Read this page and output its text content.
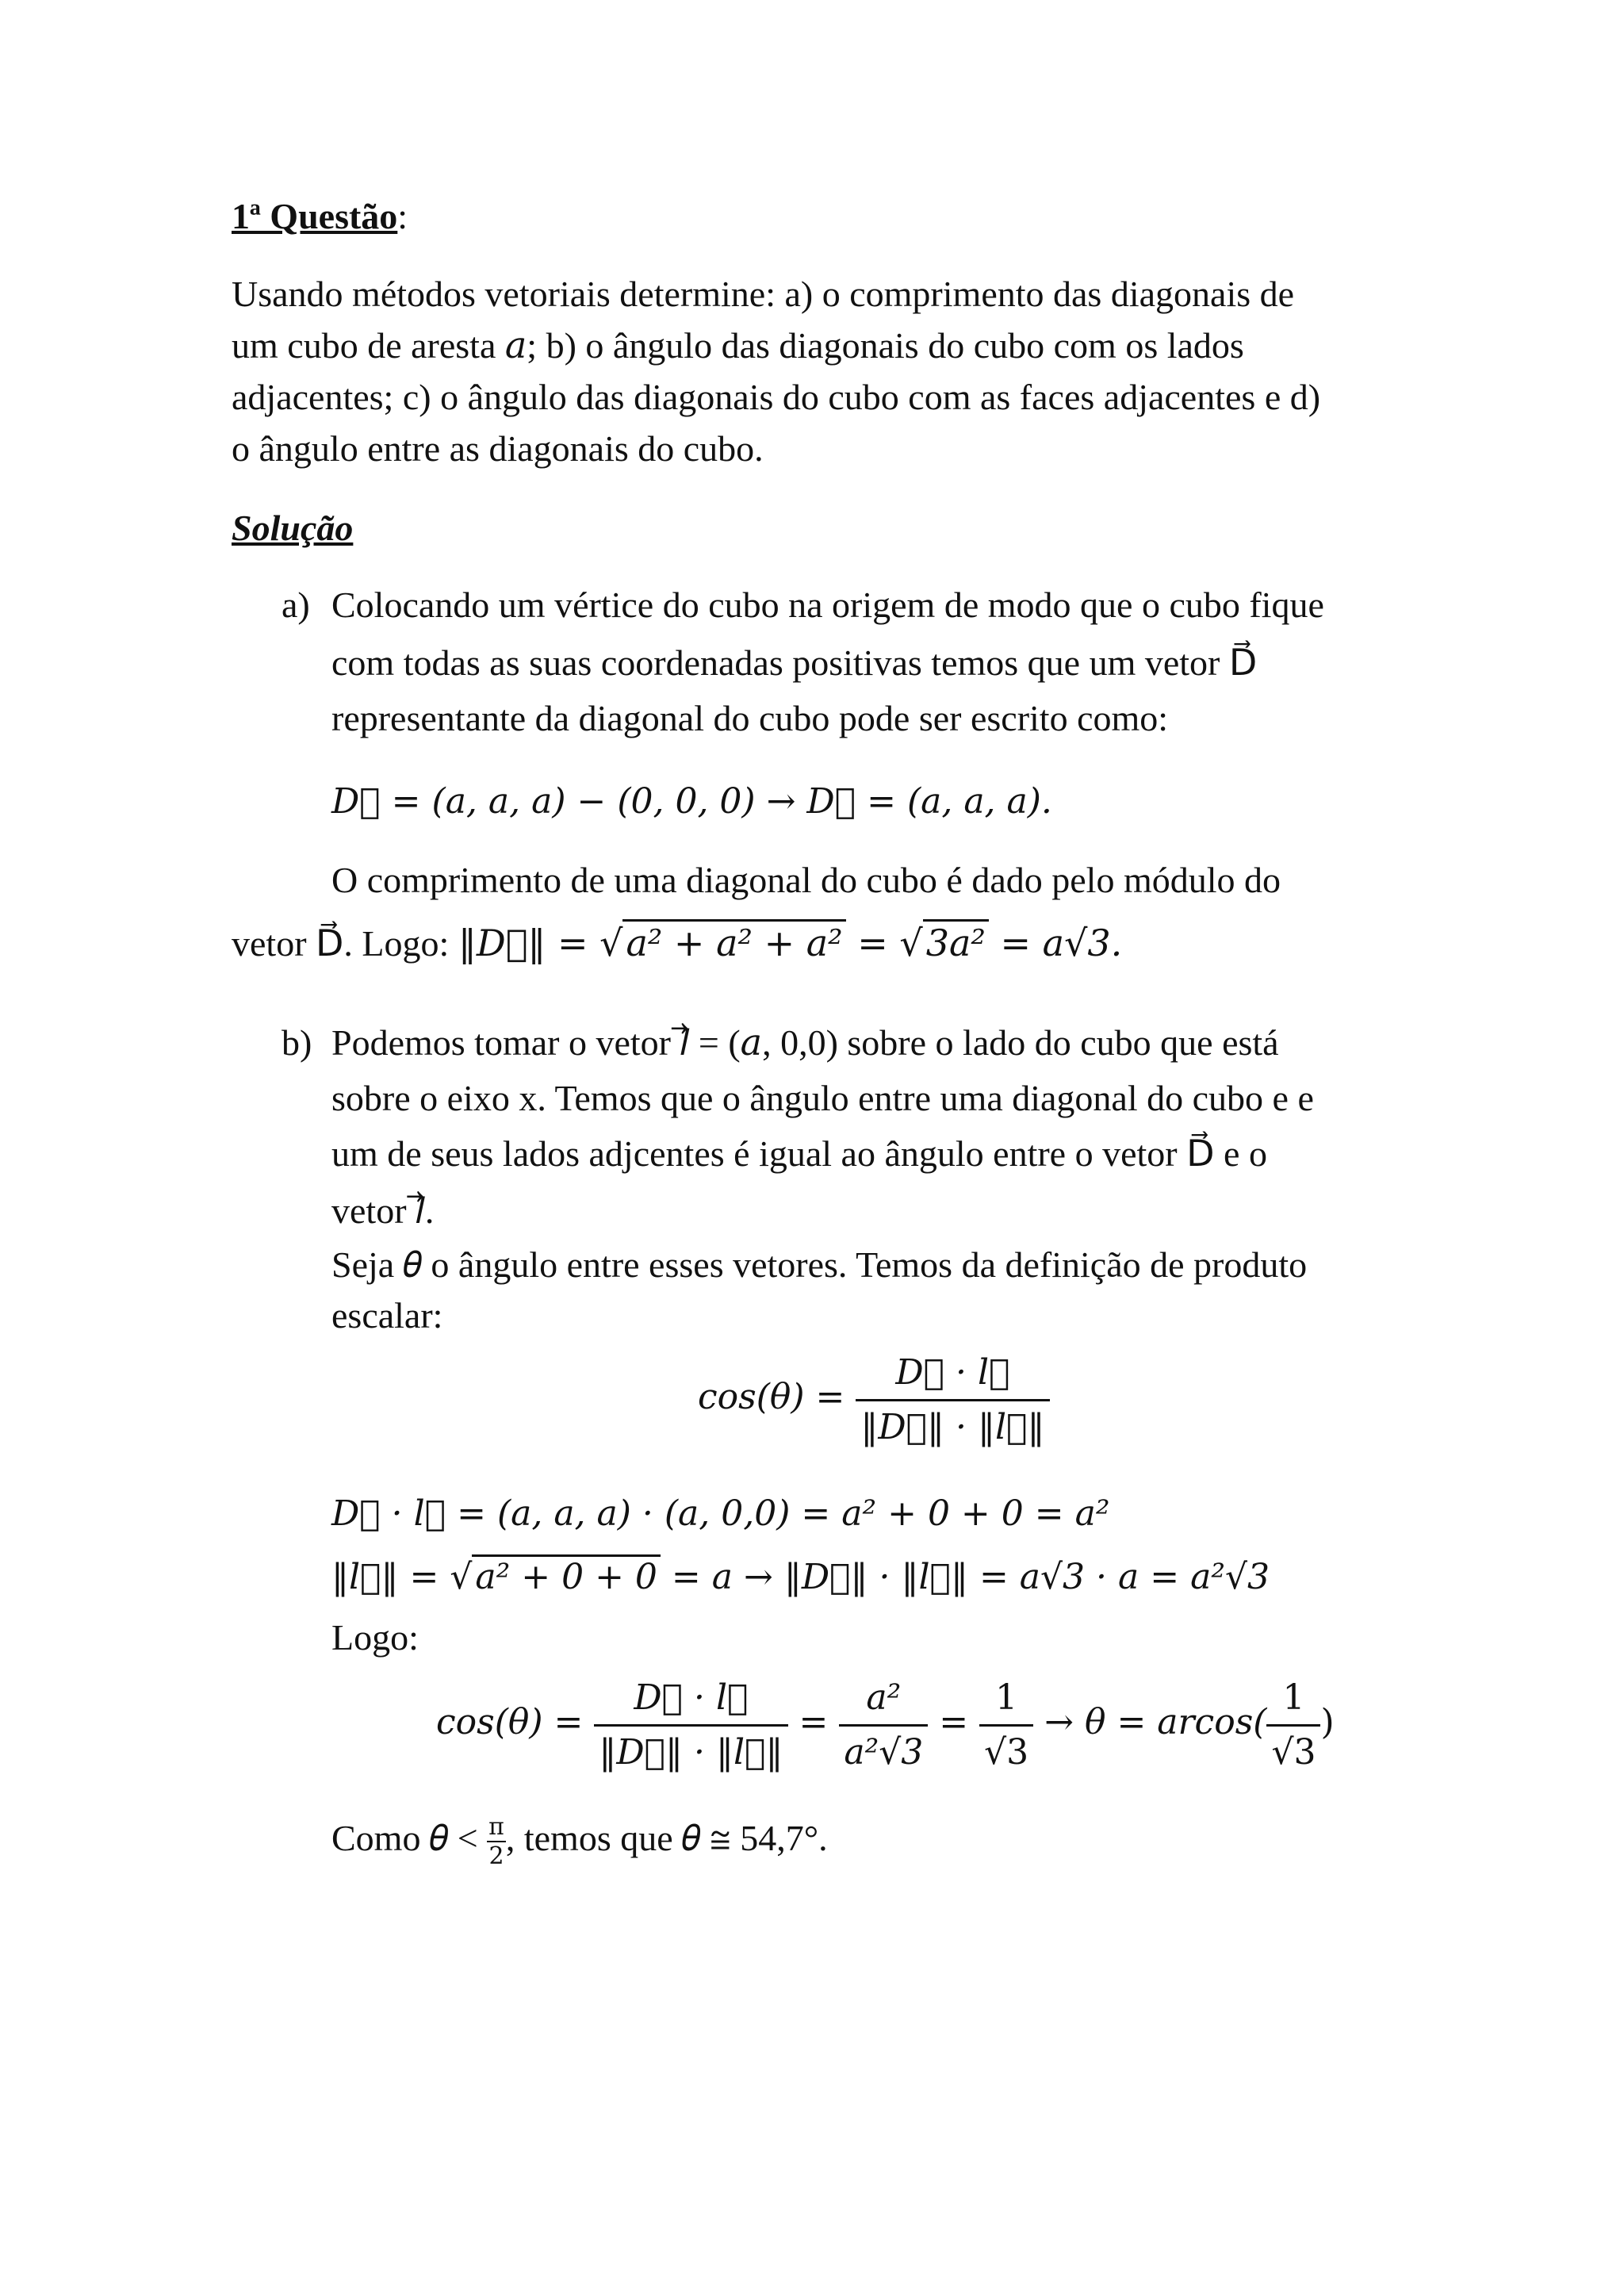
1ª Questão:
Usando métodos vetoriais determine: a) o comprimento das diagonais de
um cubo de aresta 𝑎; b) o ângulo das diagonais do cubo com os lados
adjacentes; c) o ângulo das diagonais do cubo com as faces adjacentes e d)
o ângulo entre as diagonais do cubo.
Solução
a) Colocando um vértice do cubo na origem de modo que o cubo fique
com todas as suas coordenadas positivas temos que um vetor D⃗
representante da diagonal do cubo pode ser escrito como:
D⃗ = (𝑎, 𝑎, 𝑎) − (0, 0, 0) → D⃗ = (𝑎, 𝑎, 𝑎).
O comprimento de uma diagonal do cubo é dado pelo módulo do
vetor D⃗. Logo: ‖D⃗‖ = √𝑎² + 𝑎² + 𝑎² = √3𝑎² = 𝑎√3.
b) Podemos tomar o vetor 𝑙⃗ = (𝑎, 0,0) sobre o lado do cubo que está
sobre o eixo x. Temos que o ângulo entre uma diagonal do cubo e e
um de seus lados adjcentes é igual ao ângulo entre o vetor D⃗ e o
vetor 𝑙⃗.
Seja 𝜃 o ângulo entre esses vetores. Temos da definição de produto
escalar:
cos(𝜃) = $\frac{\text{D⃗ · 𝑙⃗}}{\text{‖D⃗‖ · ‖𝑙⃗‖}}$
D⃗ · 𝑙⃗ = (𝑎, 𝑎, 𝑎) · (𝑎, 0,0) = 𝑎² + 0 + 0 = 𝑎²
‖𝑙⃗‖ = √𝑎² + 0 + 0 = 𝑎 → ‖D⃗‖ · ‖𝑙⃗‖ = 𝑎√3 · 𝑎 = 𝑎²√3
Logo:
cos(𝜃) = $\frac{\text{D⃗ · 𝑙⃗}}{\text{‖D⃗‖ · ‖𝑙⃗‖}} = \frac{\text{𝑎²}}{\text{𝑎²√3}} = \frac{1}{√3}$ → 𝜃 = 𝑎𝑟𝑐𝑜𝑠( $\frac{1}{√3}$ )
Como 𝜃 < $\frac{\pi}{2}$ , temos que 𝜃 ≅ 54,7°.
